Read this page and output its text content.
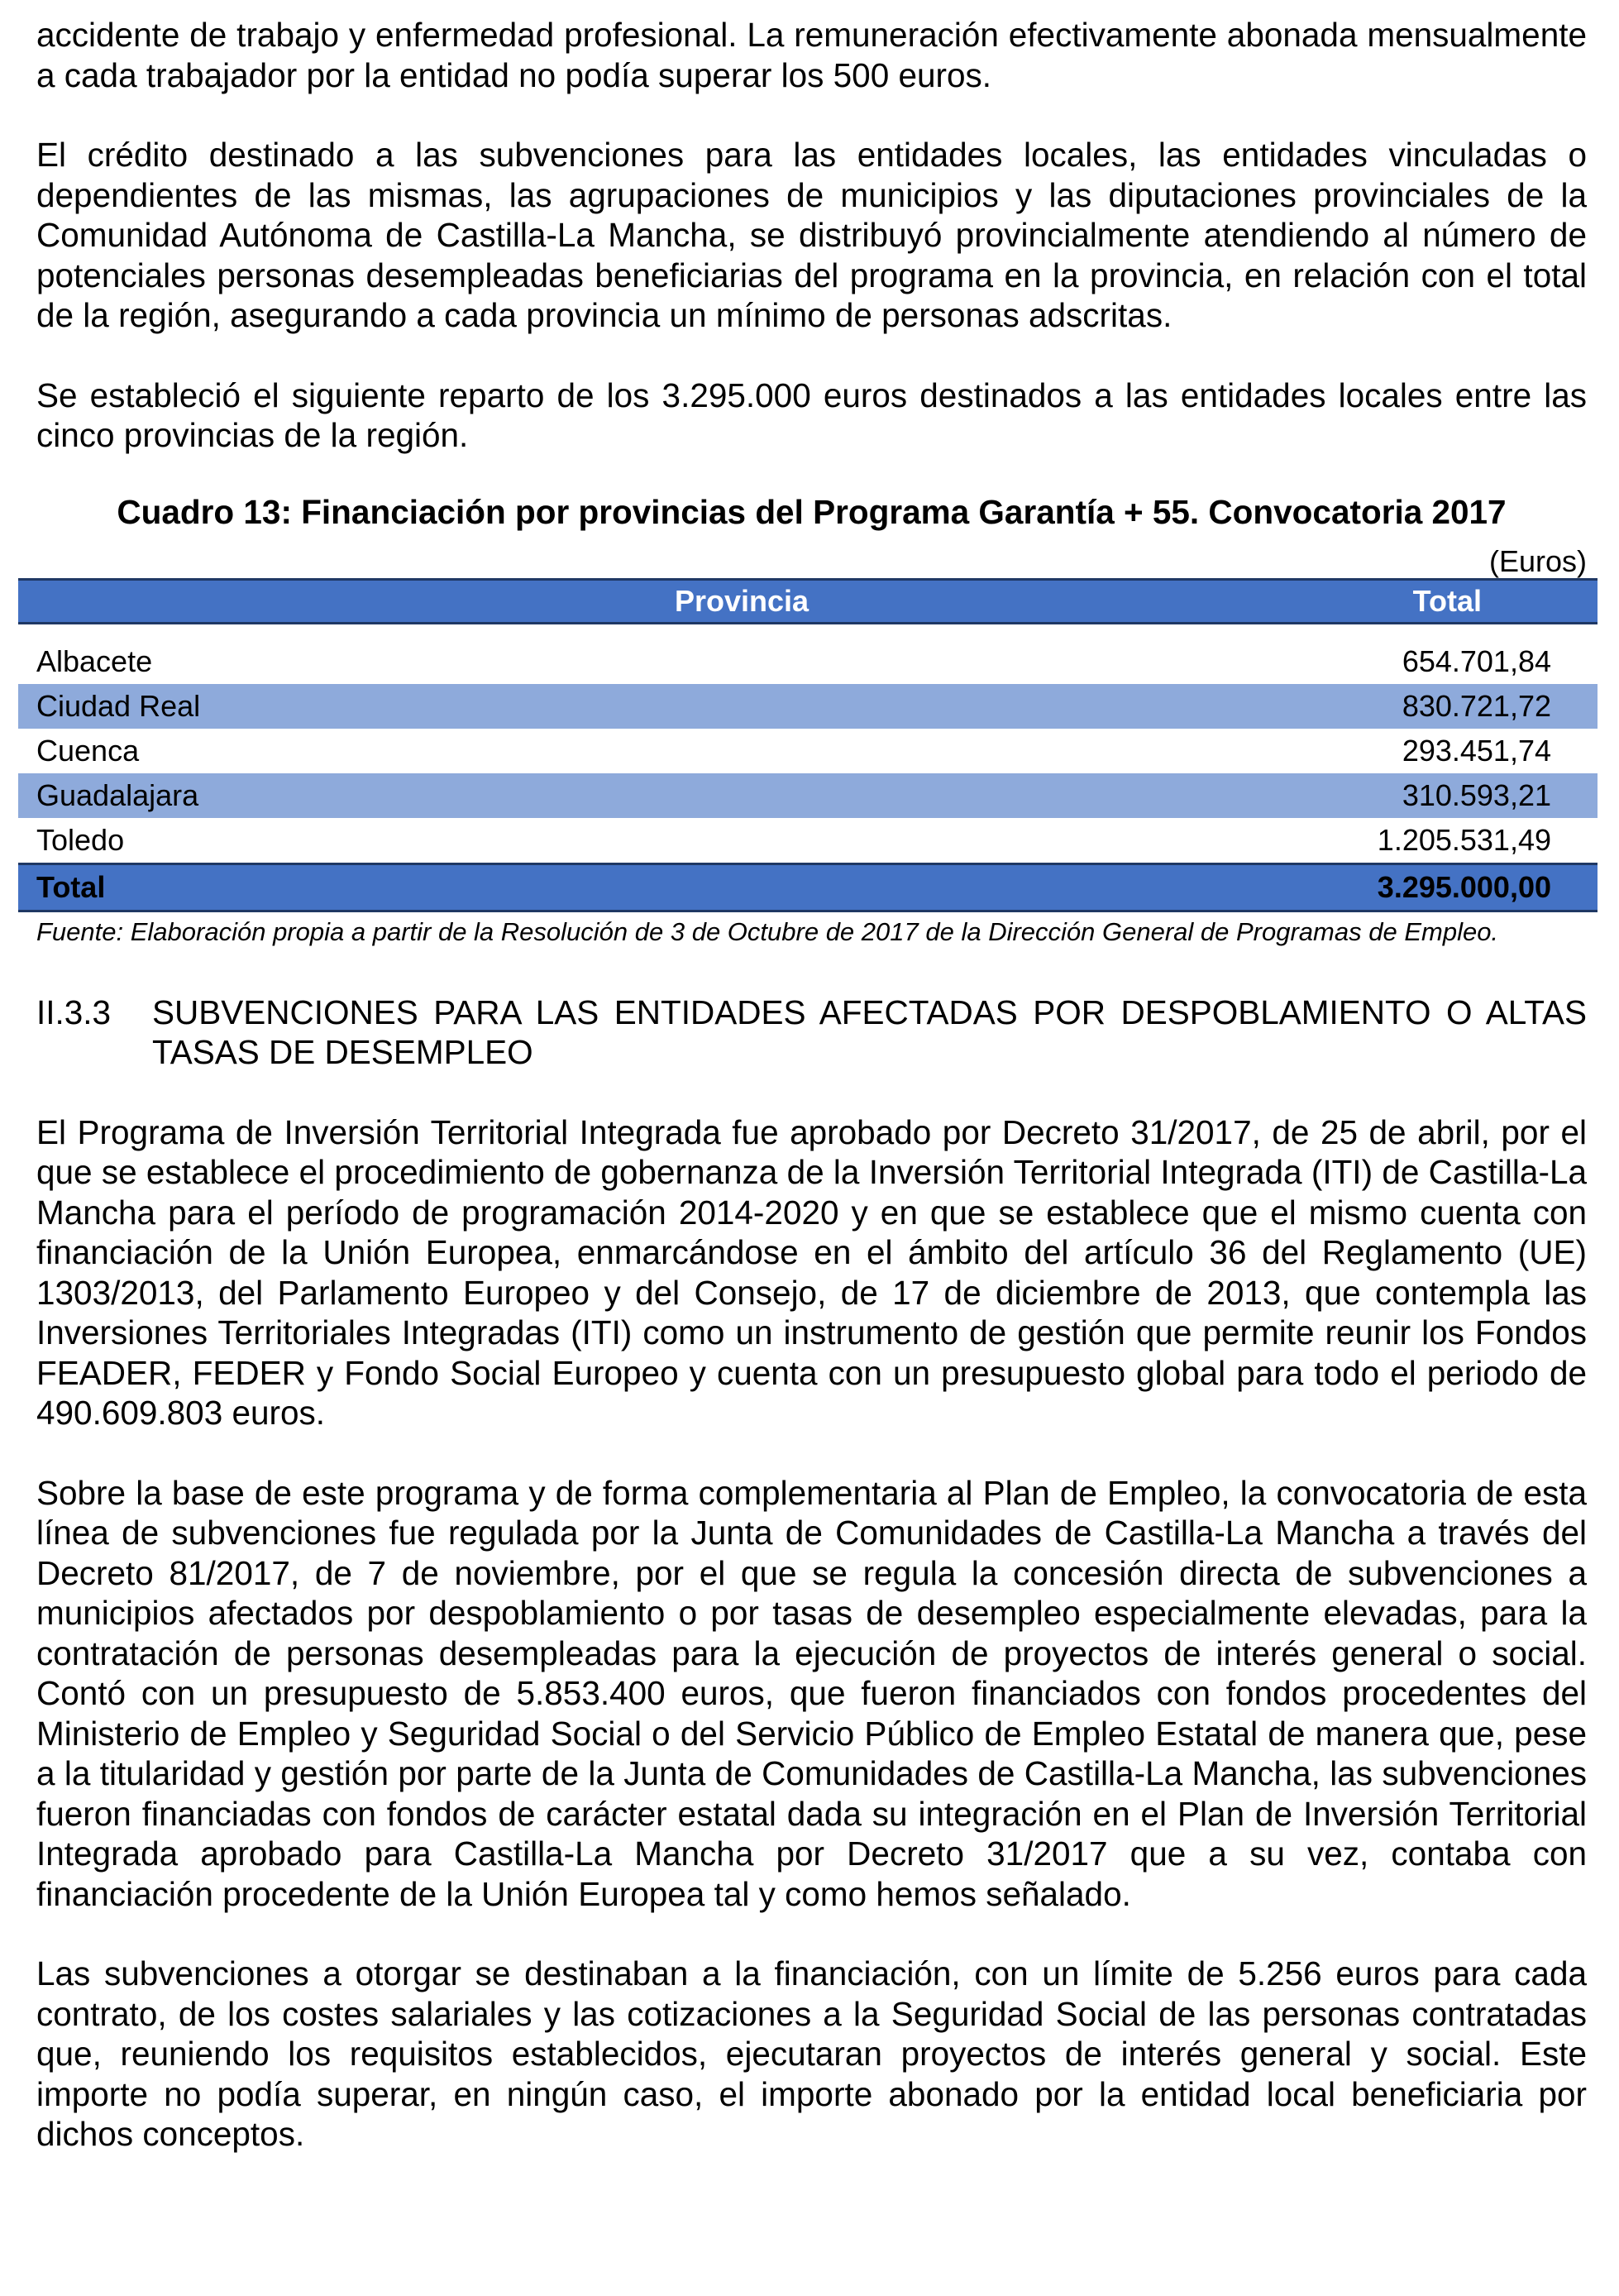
accidente de trabajo y enfermedad profesional. La remuneración efectivamente abonada mensualmente a cada trabajador por la entidad no podía superar los 500 euros.

El crédito destinado a las subvenciones para las entidades locales, las entidades vinculadas o dependientes de las mismas, las agrupaciones de municipios y las diputaciones provinciales de la Comunidad Autónoma de Castilla-La Mancha, se distribuyó provincialmente atendiendo al número de potenciales personas desempleadas beneficiarias del programa en la provincia, en relación con el total de la región, asegurando a cada provincia un mínimo de personas adscritas.

Se estableció el siguiente reparto de los 3.295.000 euros destinados a las entidades locales entre las cinco provincias de la región.

Cuadro 13: Financiación por provincias del Programa Garantía + 55. Convocatoria 2017

(Euros)
Provincia	Total

Albacete	654.701,84
Ciudad Real	830.721,72
Cuenca	293.451,74
Guadalajara	310.593,21
Toledo	1.205.531,49
Total	3.295.000,00

Fuente: Elaboración propia a partir de la Resolución de 3 de Octubre de 2017 de la Dirección General de Programas de Empleo.

II.3.3	SUBVENCIONES PARA LAS ENTIDADES AFECTADAS POR DESPOBLAMIENTO O ALTAS TASAS DE DESEMPLEO

El Programa de Inversión Territorial Integrada fue aprobado por Decreto 31/2017, de 25 de abril, por el que se establece el procedimiento de gobernanza de la Inversión Territorial Integrada (ITI) de Castilla-La Mancha para el período de programación 2014-2020 y en que se establece que el mismo cuenta con financiación de la Unión Europea, enmarcándose en el ámbito del artículo 36 del Reglamento (UE) 1303/2013, del Parlamento Europeo y del Consejo, de 17 de diciembre de 2013, que contempla las Inversiones Territoriales Integradas (ITI) como un instrumento de gestión que permite reunir los Fondos FEADER, FEDER y Fondo Social Europeo y cuenta con un presupuesto global para todo el periodo de 490.609.803 euros.

Sobre la base de este programa y de forma complementaria al Plan de Empleo, la convocatoria de esta línea de subvenciones fue regulada por la Junta de Comunidades de Castilla-La Mancha a través del Decreto 81/2017, de 7 de noviembre, por el que se regula la concesión directa de subvenciones a municipios afectados por despoblamiento o por tasas de desempleo especialmente elevadas, para la contratación de personas desempleadas para la ejecución de proyectos de interés general o social. Contó con un presupuesto de 5.853.400 euros, que fueron financiados con fondos procedentes del Ministerio de Empleo y Seguridad Social o del Servicio Público de Empleo Estatal de manera que, pese a la titularidad y gestión por parte de la Junta de Comunidades de Castilla-La Mancha, las subvenciones fueron financiadas con fondos de carácter estatal dada su integración en el Plan de Inversión Territorial Integrada aprobado para Castilla-La Mancha por Decreto 31/2017 que a su vez, contaba con financiación procedente de la Unión Europea tal y como hemos señalado.

Las subvenciones a otorgar se destinaban a la financiación, con un límite de 5.256 euros para cada contrato, de los costes salariales y las cotizaciones a la Seguridad Social de las personas contratadas que, reuniendo los requisitos establecidos, ejecutaran proyectos de interés general y social. Este importe no podía superar, en ningún caso, el importe abonado por la entidad local beneficiaria por dichos conceptos.
